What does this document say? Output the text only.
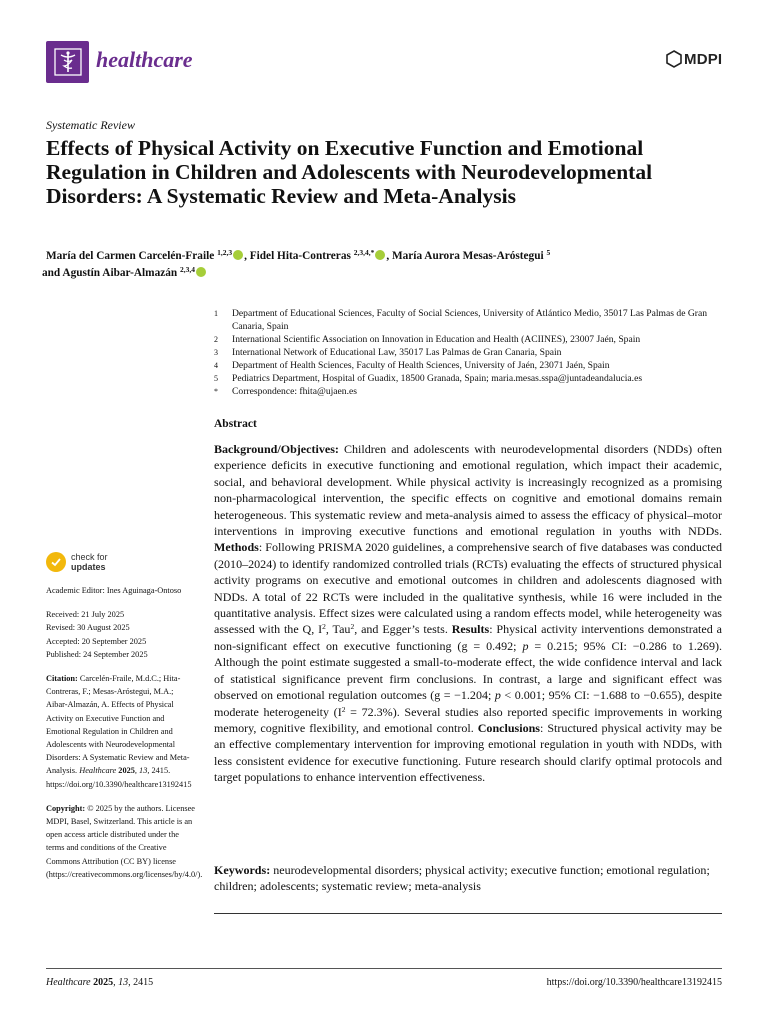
healthcare	MDPI
Systematic Review
Effects of Physical Activity on Executive Function and Emotional Regulation in Children and Adolescents with Neurodevelopmental Disorders: A Systematic Review and Meta-Analysis
María del Carmen Carcelén-Fraile $^{1,2,3}$ , Fidel Hita-Contreras $^{2,3,4,*}$ , María Aurora Mesas-Aróstegui $^5$
and Agustín Aibar-Almazán $^{2,3,4}$
1	Department of Educational Sciences, Faculty of Social Sciences, University of Atlántico Medio, 35017 Las Palmas de Gran Canaria, Spain
2	International Scientific Association on Innovation in Education and Health (ACIINES), 23007 Jaén, Spain
3	International Network of Educational Law, 35017 Las Palmas de Gran Canaria, Spain
4	Department of Health Sciences, Faculty of Health Sciences, University of Jaén, 23071 Jaén, Spain
5	Pediatrics Department, Hospital of Guadix, 18500 Granada, Spain; maria.mesas.sspa@juntadeandalucia.es
*	Correspondence: fhita@ujaen.es
Abstract

Background/Objectives: Children and adolescents with neurodevelopmental disorders (NDDs) often experience deficits in executive functioning and emotional regulation, which impact their academic, social, and behavioral development. While physical activity is increasingly recognized as a promising non-pharmacological intervention, the specific effects on cognitive and emotional domains remain heterogeneous. This systematic review and meta-analysis aimed to assess the efficacy of physical–motor interventions in improving executive functions and emotional regulation in youths with NDDs. Methods: Following PRISMA 2020 guidelines, a comprehensive search of five databases was conducted (2010–2024) to identify randomized controlled trials (RCTs) evaluating the effects of structured physical activity programs on executive and emotional outcomes in children and adolescents diagnosed with NDDs. A total of 22 RCTs were included in the qualitative synthesis, while 16 were included in the quantitative analysis. Effect sizes were calculated using a random effects model, while heterogeneity was assessed with the Q, $I^2$, Tau$^2$, and Egger’s tests. Results: Physical activity interventions demonstrated a non-significant effect on executive functioning (g = 0.492; p = 0.215; 95% CI: −0.286 to 1.269). Although the point estimate suggested a small-to-moderate effect, the wide confidence interval and lack of statistical significance prevent firm conclusions. In contrast, a large and significant effect was observed on emotional regulation outcomes (g = −1.204; p < 0.001; 95% CI: −1.688 to −0.655), despite moderate heterogeneity $(I^2 = 72.3\%)$. Several studies also reported specific improvements in working memory, cognitive flexibility, and emotional control. Conclusions: Structured physical activity may be an effective complementary intervention for improving emotional regulation in youth with NDDs, with less consistent evidence for executive functioning. Future research should clarify optimal protocols and target populations to enhance intervention effectiveness.

Keywords: neurodevelopmental disorders; physical activity; executive function; emotional regulation; children; adolescents; systematic review; meta-analysis

check for
updates

Academic Editor: Ines Aguinaga-Ontoso

Received: 21 July 2025
Revised: 30 August 2025
Accepted: 20 September 2025
Published: 24 September 2025

Citation: Carcelén-Fraile, M.d.C.; Hita-Contreras, F.; Mesas-Aróstegui, M.A.; Aibar-Almazán, A. Effects of Physical Activity on Executive Function and Emotional Regulation in Children and Adolescents with Neurodevelopmental Disorders: A Systematic Review and Meta-Analysis. Healthcare 2025, 13, 2415. https://doi.org/10.3390/healthcare13192415

Copyright: © 2025 by the authors. Licensee MDPI, Basel, Switzerland. This article is an open access article distributed under the terms and conditions of the Creative Commons Attribution (CC BY) license (https://creativecommons.org/licenses/by/4.0/).

Healthcare 2025, 13, 2415	https://doi.org/10.3390/healthcare13192415
